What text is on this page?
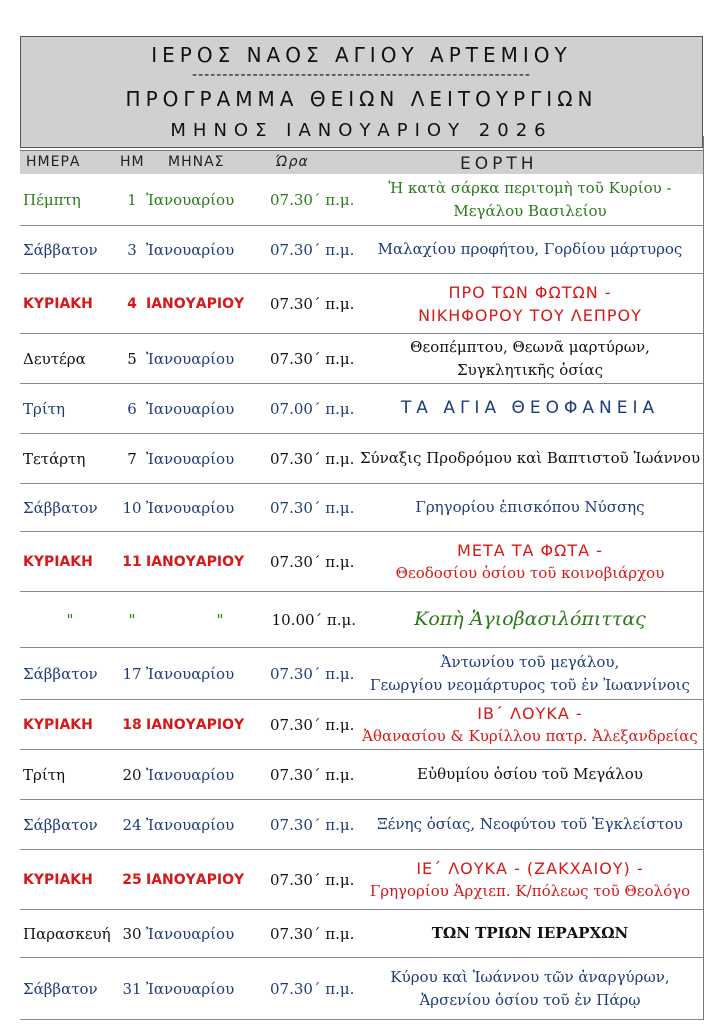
ΙΕΡΟΣ ΝΑΟΣ ΑΓΙΟΥ ΑΡΤΕΜΙΟΥ
--------------------------------------------------------
ΠΡΟΓΡΑΜΜΑ ΘΕΙΩΝ ΛΕΙΤΟΥΡΓΙΩΝ
ΜΗΝΟΣ ΙΑΝΟΥΑΡΙΟΥ 2026
ΗΜΕΡΑ	ΗΜ ΜΗΝΑΣ	Ώρα	ΕΟΡΤΗ
Πέμπτη	1 Ἰανουαρίου	07.30΄ π.μ.
Ἡ κατὰ σάρκα περιτομὴ τοῦ Κυρίου -
Μεγάλου Βασιλείου
Σάββατον	3 Ἰανουαρίου	07.30΄ π.μ. Μαλαχίου προφήτου, Γορδίου μάρτυρος
ΚΥΡΙΑΚΗ	4 ΙΑΝΟΥΑΡΙΟΥ	07.30΄ π.μ.
ΠΡΟ ΤΩΝ ΦΩΤΩΝ -
ΝΙΚΗΦΟΡΟΥ ΤΟΥ ΛΕΠΡΟΥ
Δευτέρα	5 Ἰανουαρίου	07.30΄ π.μ.
Θεοπέμπτου, Θεωνᾶ μαρτύρων,
Συγκλητικῆς ὁσίας
Τρίτη	6 Ἰανουαρίου	07.00΄ π.μ.	ΤΑ ΑΓΙΑ ΘΕΟΦΑΝΕΙΑ
Τετάρτη	7 Ἰανουαρίου	07.30΄ π.μ. Σύναξις Προδρόμου καὶ Βαπτιστοῦ Ἰωάννου
Σάββατον	10 Ἰανουαρίου	07.30΄ π.μ.	Γρηγορίου ἐπισκόπου Νύσσης
ΚΥΡΙΑΚΗ	11 ΙΑΝΟΥΑΡΙΟΥ	07.30΄ π.μ.
ΜΕΤΑ ΤΑ ΦΩΤΑ -
Θεοδοσίου ὁσίου τοῦ κοινοβιάρχου
"	"	"	10.00΄ π.μ.	Κοπὴ Ἁγιοβασιλόπιττας
Σάββατον	17 Ἰανουαρίου	07.30΄ π.μ.
Ἀντωνίου τοῦ μεγάλου,
Γεωργίου νεομάρτυρος τοῦ ἐν Ἰωαννίνοις
ΚΥΡΙΑΚΗ	18 ΙΑΝΟΥΑΡΙΟΥ	07.30΄ π.μ.
ΙΒ΄ ΛΟΥΚΑ -
Ἀθανασίου & Κυρίλλου πατρ. Ἀλεξανδρείας
Τρίτη	20 Ἰανουαρίου	07.30΄ π.μ.	Εὐθυμίου ὁσίου τοῦ Μεγάλου
Σάββατον	24 Ἰανουαρίου	07.30΄ π.μ. Ξένης ὁσίας, Νεοφύτου τοῦ Ἐγκλείστου
ΚΥΡΙΑΚΗ	25 ΙΑΝΟΥΑΡΙΟΥ	07.30΄ π.μ.
ΙΕ΄ ΛΟΥΚΑ - (ΖΑΚΧΑΙΟΥ) -
Γρηγορίου Ἀρχιεπ. Κ/πόλεως τοῦ Θεολόγο
Παρασκευή 30 Ἰανουαρίου	07.30΄ π.μ.	ΤΩΝ ΤΡΙΩΝ ΙΕΡΑΡΧΩΝ
Σάββατον	31 Ἰανουαρίου	07.30΄ π.μ.
Κύρου καὶ Ἰωάννου τῶν ἀναργύρων,
Ἀρσενίου ὁσίου τοῦ ἐν Πάρῳ
